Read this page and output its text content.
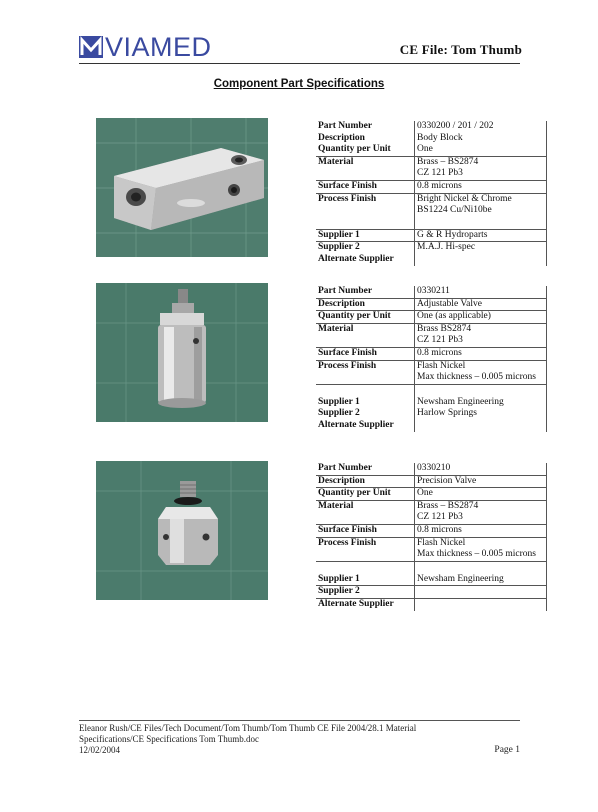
VIAMED	CE File: Tom Thumb
Component Part Specifications
Part Number	0330200 / 201 / 202
Description	Body Block
Quantity per Unit	One
Material	Brass – BS2874
	CZ 121 Pb3
Surface Finish	0.8 microns
Process Finish	Bright Nickel & Chrome
	BS1224 Cu/Ni10be

Supplier 1	G & R Hydroparts
Supplier 2	M.A.J. Hi-spec
Alternate Supplier	
Part Number	0330211
Description	Adjustable Valve
Quantity per Unit	One (as applicable)
Material	Brass BS2874
	CZ 121 Pb3
Surface Finish	0.8 microns
Process Finish	Flash Nickel
	Max thickness – 0.005 microns

Supplier 1	Newsham Engineering
Supplier 2	Harlow Springs
Alternate Supplier	
Part Number	0330210
Description	Precision Valve
Quantity per Unit	One
Material	Brass – BS2874
	CZ 121 Pb3
Surface Finish	0.8 microns
Process Finish	Flash Nickel
	Max thickness – 0.005 microns

Supplier 1	Newsham Engineering
Supplier 2	
Alternate Supplier	
Eleanor Rush/CE Files/Tech Document/Tom Thumb/Tom Thumb CE File 2004/28.1 Material
Specifications/CE Specifications Tom Thumb.doc
12/02/2004	Page 1
